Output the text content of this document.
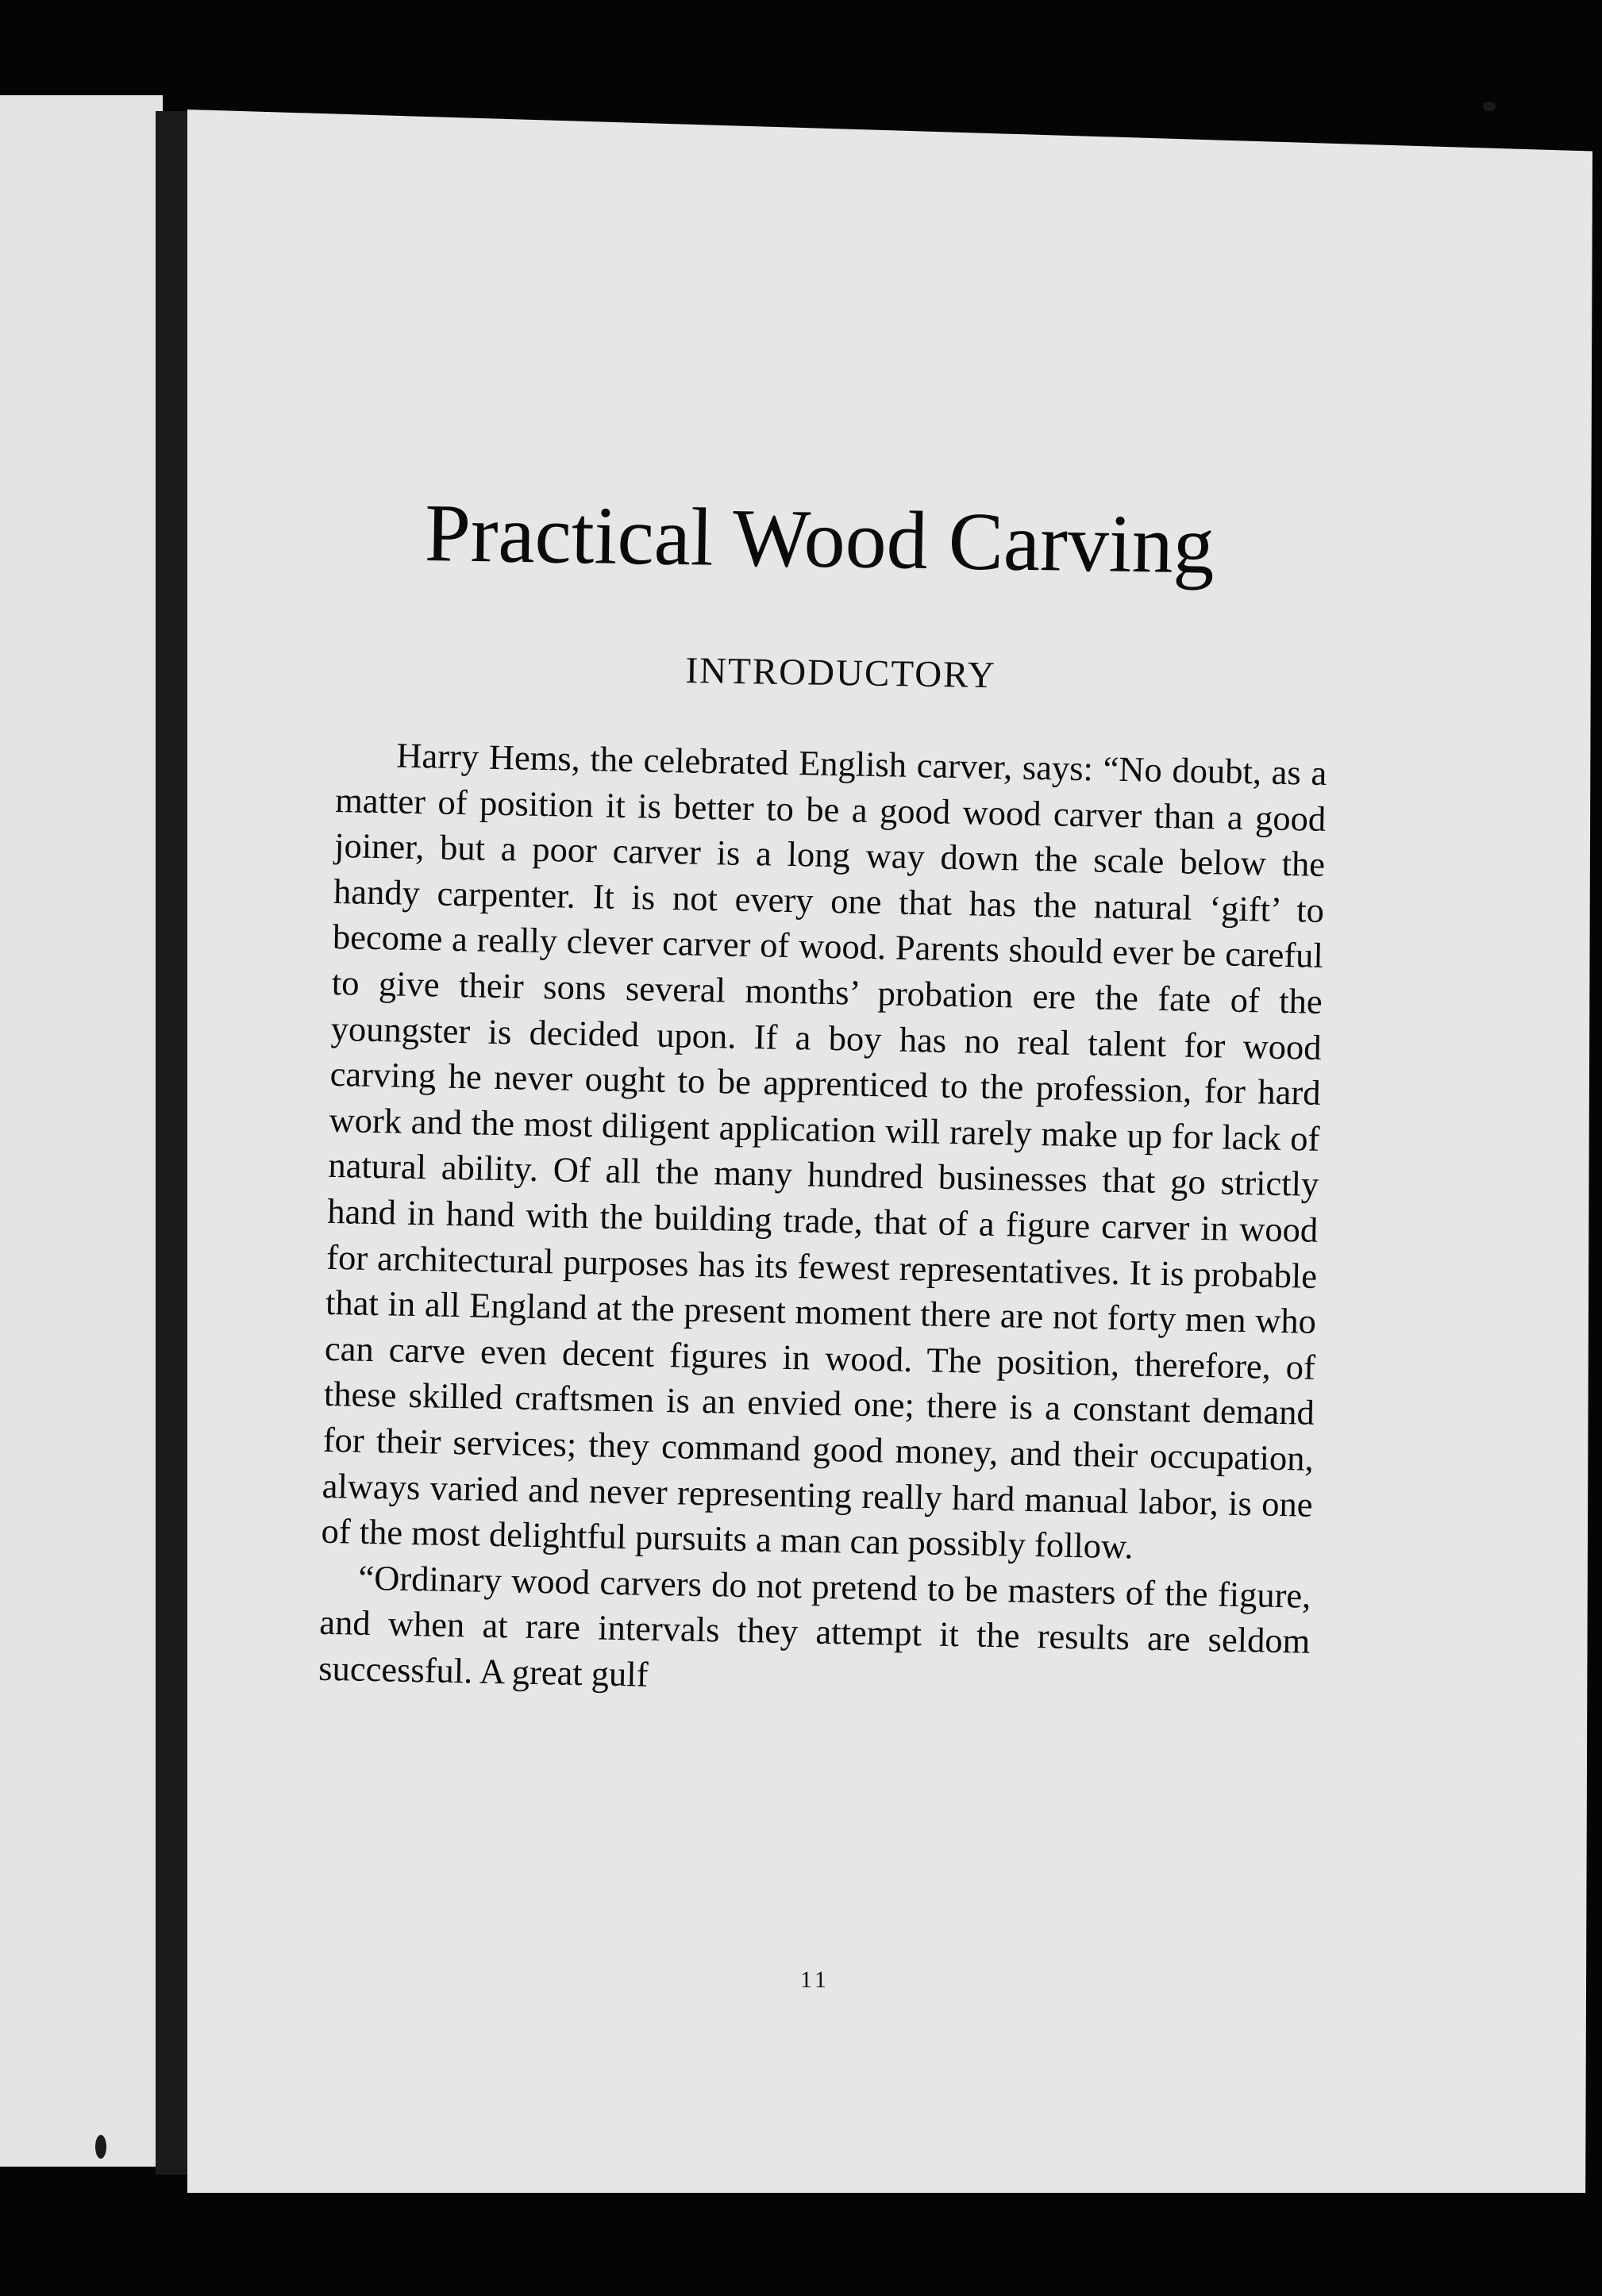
Practical Wood Carving
INTRODUCTORY

Harry Hems, the celebrated English carver, says: “No doubt, as a matter of position it is better to be a good wood carver than a good joiner, but a poor carver is a long way down the scale below the handy carpenter. It is not every one that has the natural ‘gift’ to become a really clever carver of wood. Parents should ever be careful to give their sons several months’ probation ere the fate of the youngster is decided upon. If a boy has no real talent for wood carving he never ought to be apprenticed to the profession, for hard work and the most diligent application will rarely make up for lack of natural ability. Of all the many hundred businesses that go strictly hand in hand with the building trade, that of a figure carver in wood for architectural purposes has its fewest representatives. It is probable that in all England at the present moment there are not forty men who can carve even decent figures in wood. The position, therefore, of these skilled craftsmen is an envied one; there is a constant demand for their services; they command good money, and their occupation, always varied and never representing really hard manual labor, is one of the most delightful pursuits a man can possibly follow.

“Ordinary wood carvers do not pretend to be masters of the figure, and when at rare intervals they attempt it the results are seldom successful. A great gulf

11
